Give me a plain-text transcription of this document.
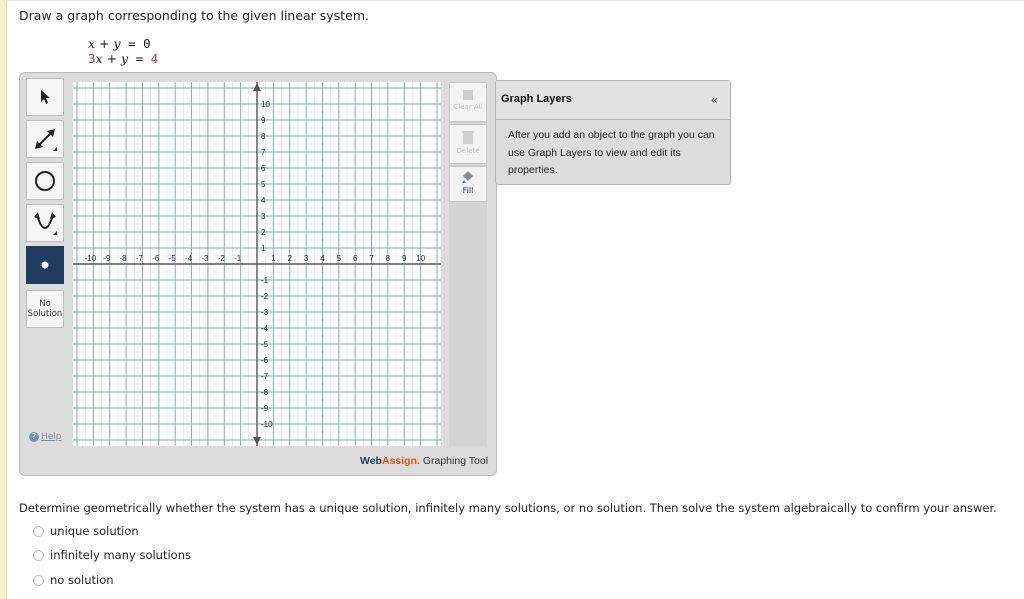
Draw a graph corresponding to the given linear system.
x + y = 0
3x + y = 4
No
Solution
? Help
-10 -9 -8 -7 -6 -5 -4 -3 -2 -1	1 2 3 4 5 6 7 8 9 10
10
9
8
7
6
5
4
3
2
1
-1
-2
-3
-4
-5
-6
-7
-8
-9
-10
Clear All
Delete
Fill
WebAssign. Graphing Tool
Graph Layers	«
After you add an object to the graph you can use Graph Layers to view and edit its properties.
Determine geometrically whether the system has a unique solution, infinitely many solutions, or no solution. Then solve the system algebraically to confirm your answer.
unique solution
infinitely many solutions
no solution
